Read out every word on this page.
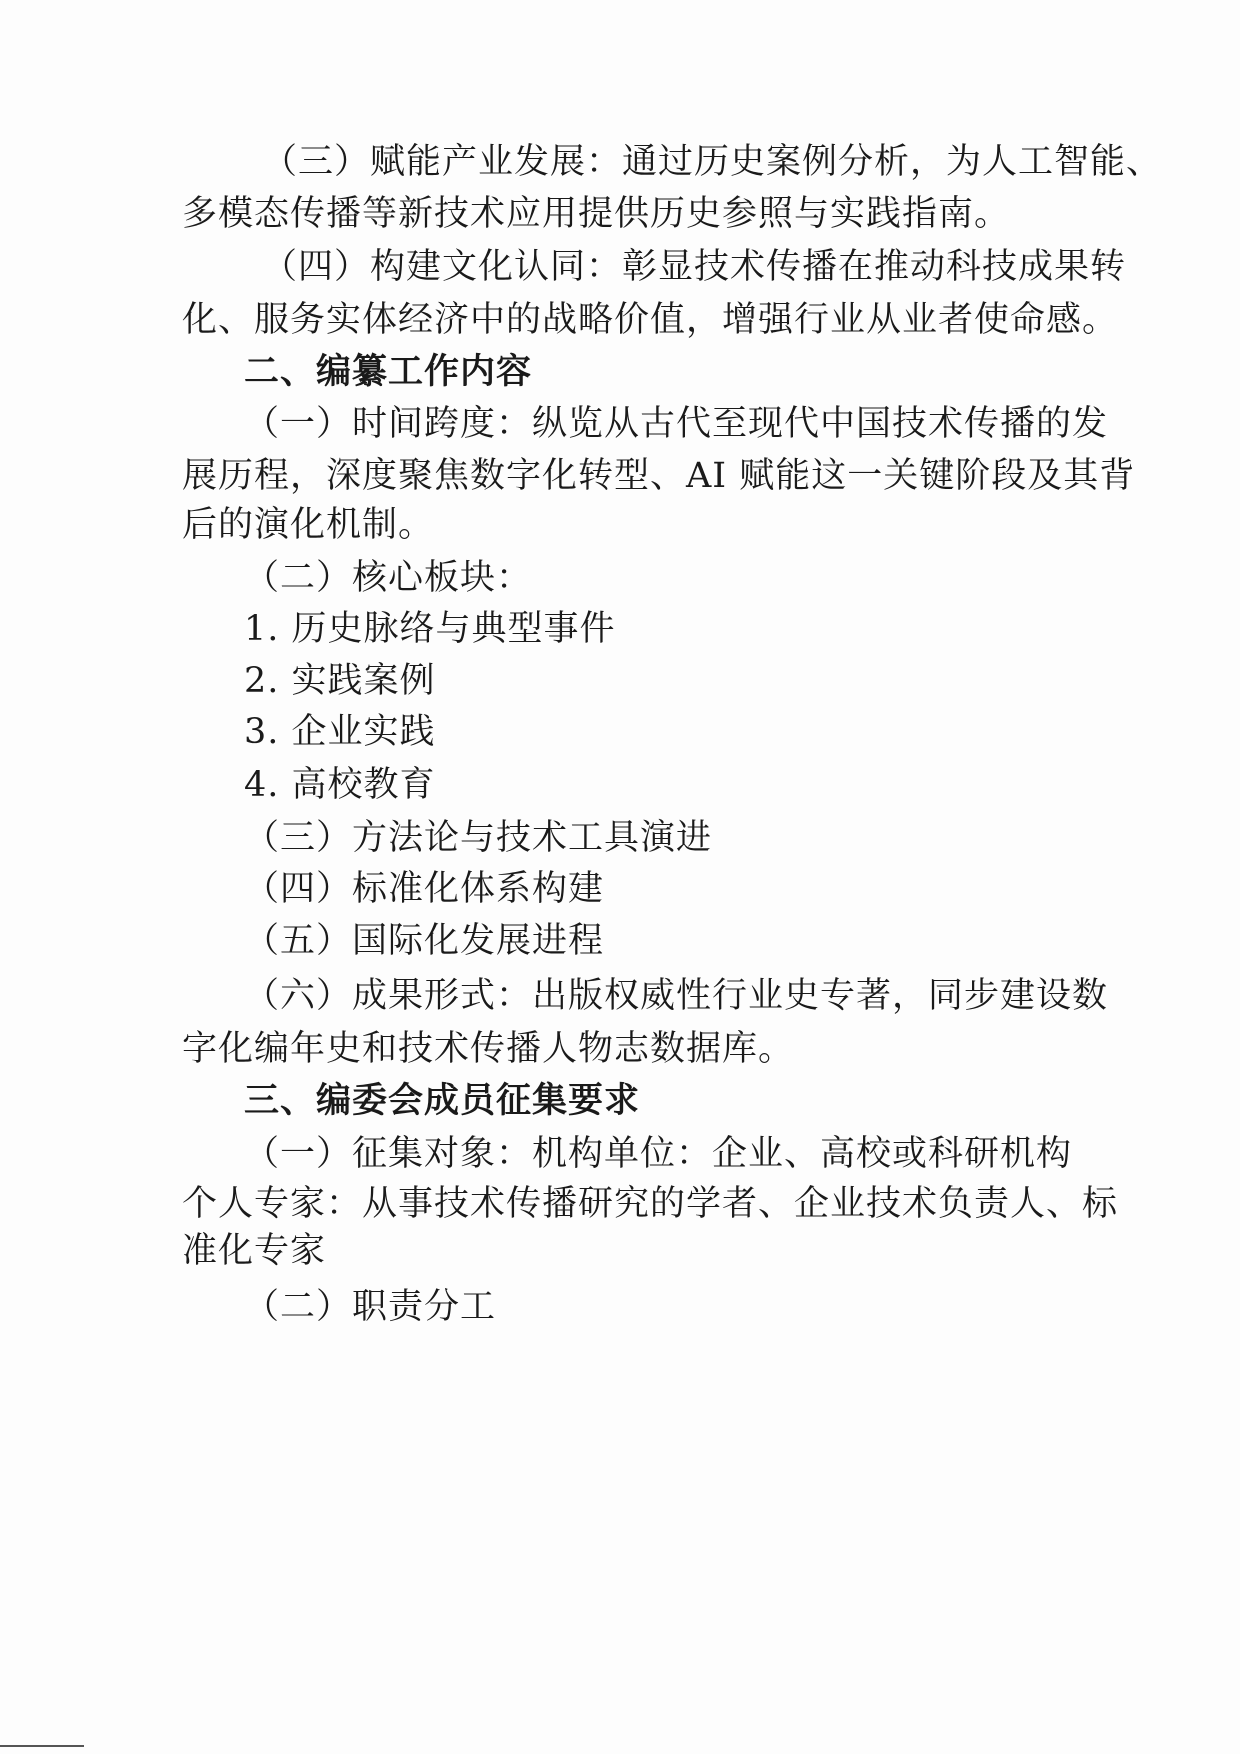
（三）赋能产业发展：通过历史案例分析，为人工智能、
多模态传播等新技术应用提供历史参照与实践指南。
（四）构建文化认同：彰显技术传播在推动科技成果转
化、服务实体经济中的战略价值，增强行业从业者使命感。
二、编纂工作内容
（一）时间跨度：纵览从古代至现代中国技术传播的发
展历程，深度聚焦数字化转型、AI 赋能这一关键阶段及其背
后的演化机制。
（二）核心板块：
1. 历史脉络与典型事件
2. 实践案例
3. 企业实践
4. 高校教育
（三）方法论与技术工具演进
（四）标准化体系构建
（五）国际化发展进程
（六）成果形式：出版权威性行业史专著，同步建设数
字化编年史和技术传播人物志数据库。
三、编委会成员征集要求
（一）征集对象：机构单位：企业、高校或科研机构
个人专家：从事技术传播研究的学者、企业技术负责人、标
准化专家
（二）职责分工
